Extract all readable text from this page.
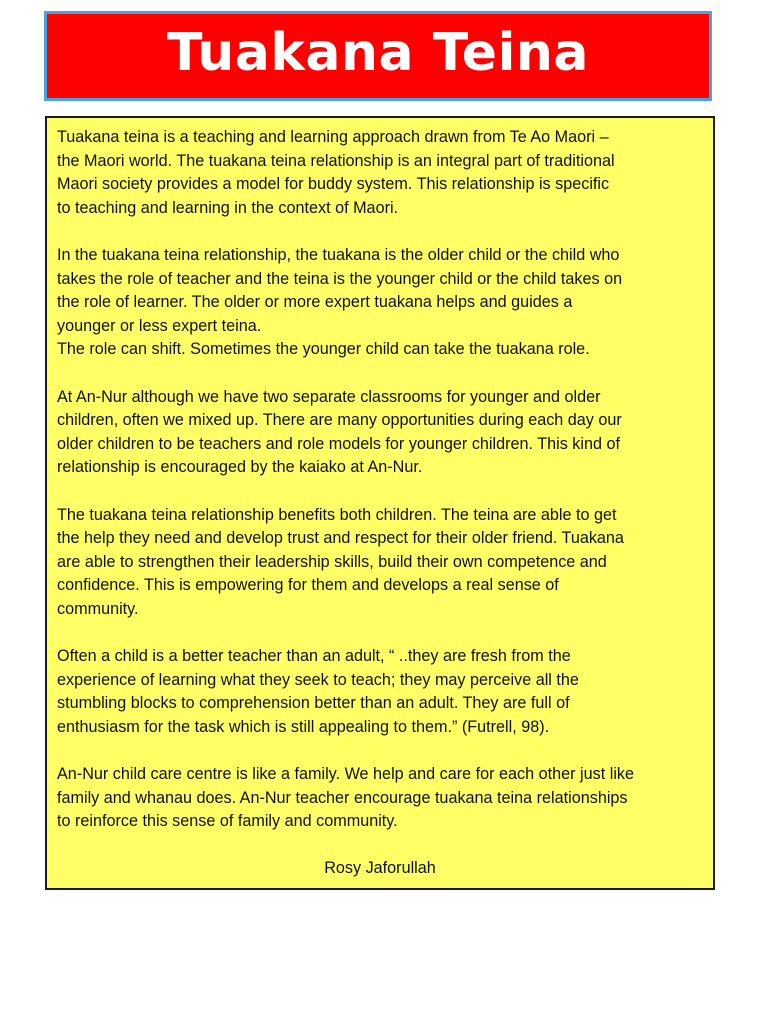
Tuakana Teina

Tuakana teina is a teaching and learning approach drawn from Te Ao Maori –
the Maori world. The tuakana teina relationship is an integral part of traditional
Maori society provides a model for buddy system. This relationship is specific
to teaching and learning in the context of Maori.

In the tuakana teina relationship, the tuakana is the older child or the child who
takes the role of teacher and the teina is the younger child or the child takes on
the role of learner. The older or more expert tuakana helps and guides a
younger or less expert teina.
The role can shift. Sometimes the younger child can take the tuakana role.

At An-Nur although we have two separate classrooms for younger and older
children, often we mixed up. There are many opportunities during each day our
older children to be teachers and role models for younger children. This kind of
relationship is encouraged by the kaiako at An-Nur.

The tuakana teina relationship benefits both children. The teina are able to get
the help they need and develop trust and respect for their older friend. Tuakana
are able to strengthen their leadership skills, build their own competence and
confidence. This is empowering for them and develops a real sense of
community.

Often a child is a better teacher than an adult, “ ..they are fresh from the
experience of learning what they seek to teach; they may perceive all the
stumbling blocks to comprehension better than an adult. They are full of
enthusiasm for the task which is still appealing to them.” (Futrell, 98).

An-Nur child care centre is like a family. We help and care for each other just like
family and whanau does. An-Nur teacher encourage tuakana teina relationships
to reinforce this sense of family and community.

Rosy Jaforullah
